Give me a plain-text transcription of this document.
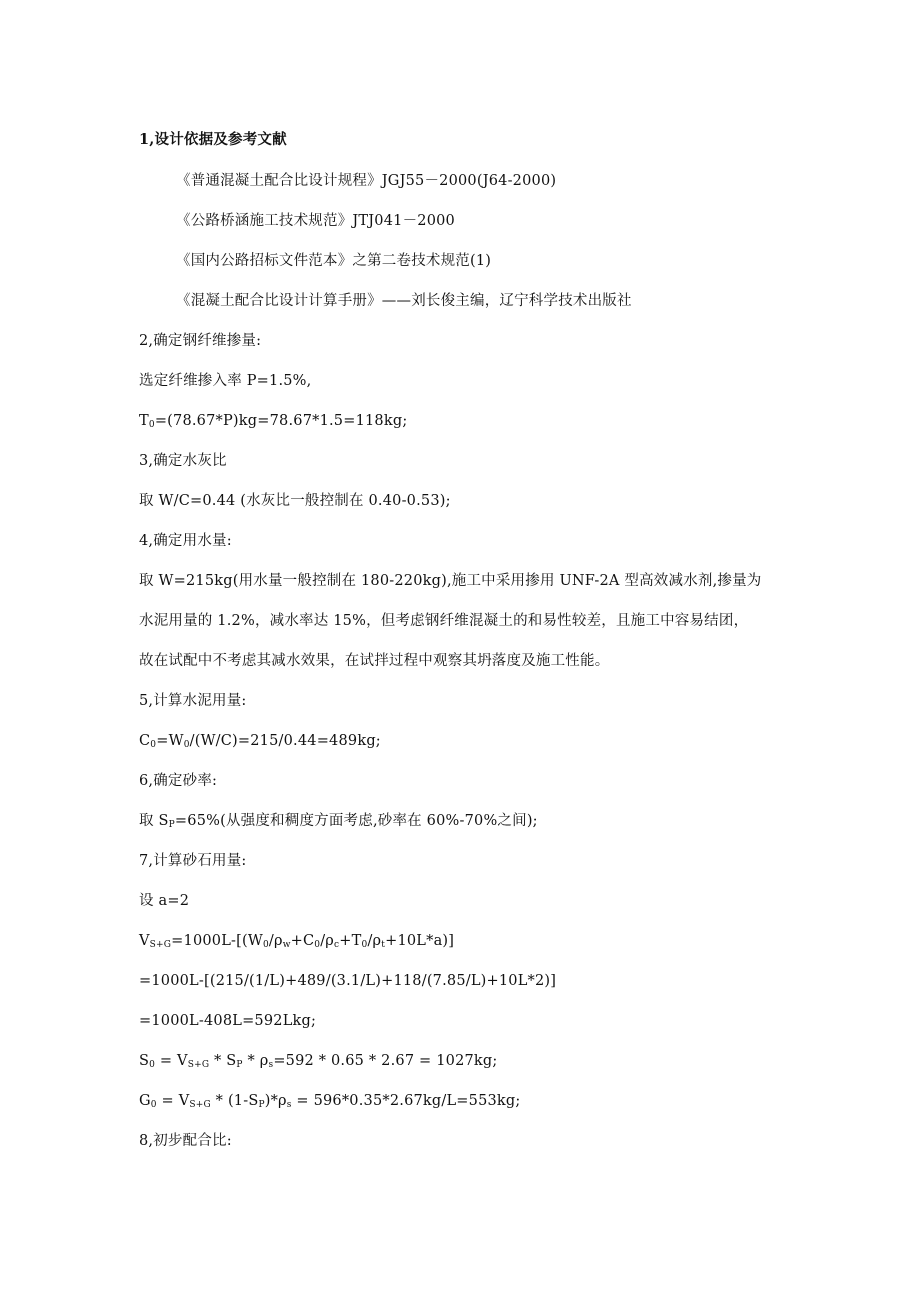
1,设计依据及参考文献
《普通混凝土配合比设计规程》JGJ55－2000(J64-2000)
《公路桥涵施工技术规范》JTJ041－2000
《国内公路招标文件范本》之第二卷技术规范(1)
《混凝土配合比设计计算手册》——刘长俊主编，辽宁科学技术出版社
2,确定钢纤维掺量:
选定纤维掺入率 P=1.5%,
$T_0=(78.67*P)kg=78.67*1.5=118kg$;
3,确定水灰比
取 W/C=0.44 (水灰比一般控制在 0.40-0.53);
4,确定用水量:
取 W=215kg(用水量一般控制在 180-220kg),施工中采用掺用 UNF-2A 型高效减水剂,掺量为
水泥用量的 1.2%，减水率达 15%，但考虑钢纤维混凝土的和易性较差，且施工中容易结团，
故在试配中不考虑其减水效果，在试拌过程中观察其坍落度及施工性能。
5,计算水泥用量:
$C_0=W_0/(W/C)=215/0.44=489kg$;
6,确定砂率:
取 $S_P=65\%$(从强度和稠度方面考虑,砂率在 60%-70%之间);
7,计算砂石用量:
设 a=2
$V_{S+G}=1000L-[(W_0/\rho_w+C_0/\rho_c+T_0/\rho_t+10L*a)]$
=1000L-[(215/(1/L)+489/(3.1/L)+118/(7.85/L)+10L*2)]
=1000L-408L=592Lkg;
$S_0 = V_{S+G} * S_P * \rho_s=592 * 0.65 * 2.67 = 1027kg$;
$G_0 = V_{S+G} * (1-S_P)*\rho_s = 596*0.35*2.67kg/L=553kg$;
8,初步配合比:
